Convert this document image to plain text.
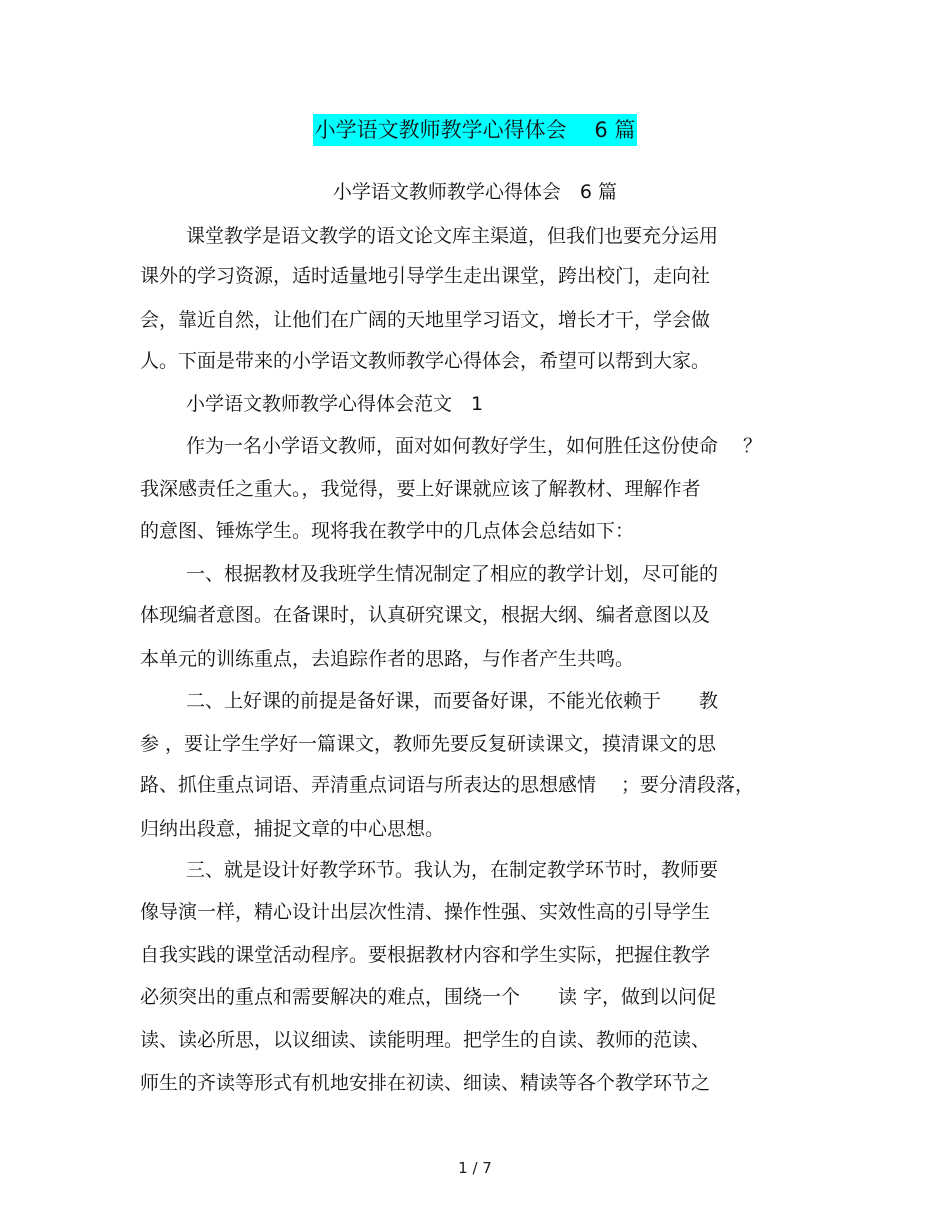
小学语文教师教学心得体会　 6 篇
小学语文教师教学心得体会　6 篇
课堂教学是语文教学的语文论文库主渠道，但我们也要充分运用
课外的学习资源，适时适量地引导学生走出课堂，跨出校门，走向社
会，靠近自然，让他们在广阔的天地里学习语文，增长才干，学会做
人。下面是带来的小学语文教师教学心得体会，希望可以帮到大家。
小学语文教师教学心得体会范文　1
作为一名小学语文教师，面对如何教好学生，如何胜任这份使命　 ？
我深感责任之重大。，我觉得，要上好课就应该了解教材、理解作者
的意图、锤炼学生。现将我在教学中的几点体会总结如下：
一、根据教材及我班学生情况制定了相应的教学计划，尽可能的
体现编者意图。在备课时，认真研究课文，根据大纲、编者意图以及
本单元的训练重点，去追踪作者的思路，与作者产生共鸣。
二、上好课的前提是备好课，而要备好课，不能光依赖于　　教
参 ，要让学生学好一篇课文，教师先要反复研读课文，摸清课文的思
路、抓住重点词语、弄清重点词语与所表达的思想感情　 ；要分清段落，
归纳出段意，捕捉文章的中心思想。
三、就是设计好教学环节。我认为，在制定教学环节时，教师要
像导演一样，精心设计出层次性清、操作性强、实效性高的引导学生
自我实践的课堂活动程序。要根据教材内容和学生实际，把握住教学
必须突出的重点和需要解决的难点，围绕一个　　读 字，做到以问促
读、读必所思，以议细读、读能明理。把学生的自读、教师的范读、
师生的齐读等形式有机地安排在初读、细读、精读等各个教学环节之
1 / 7
